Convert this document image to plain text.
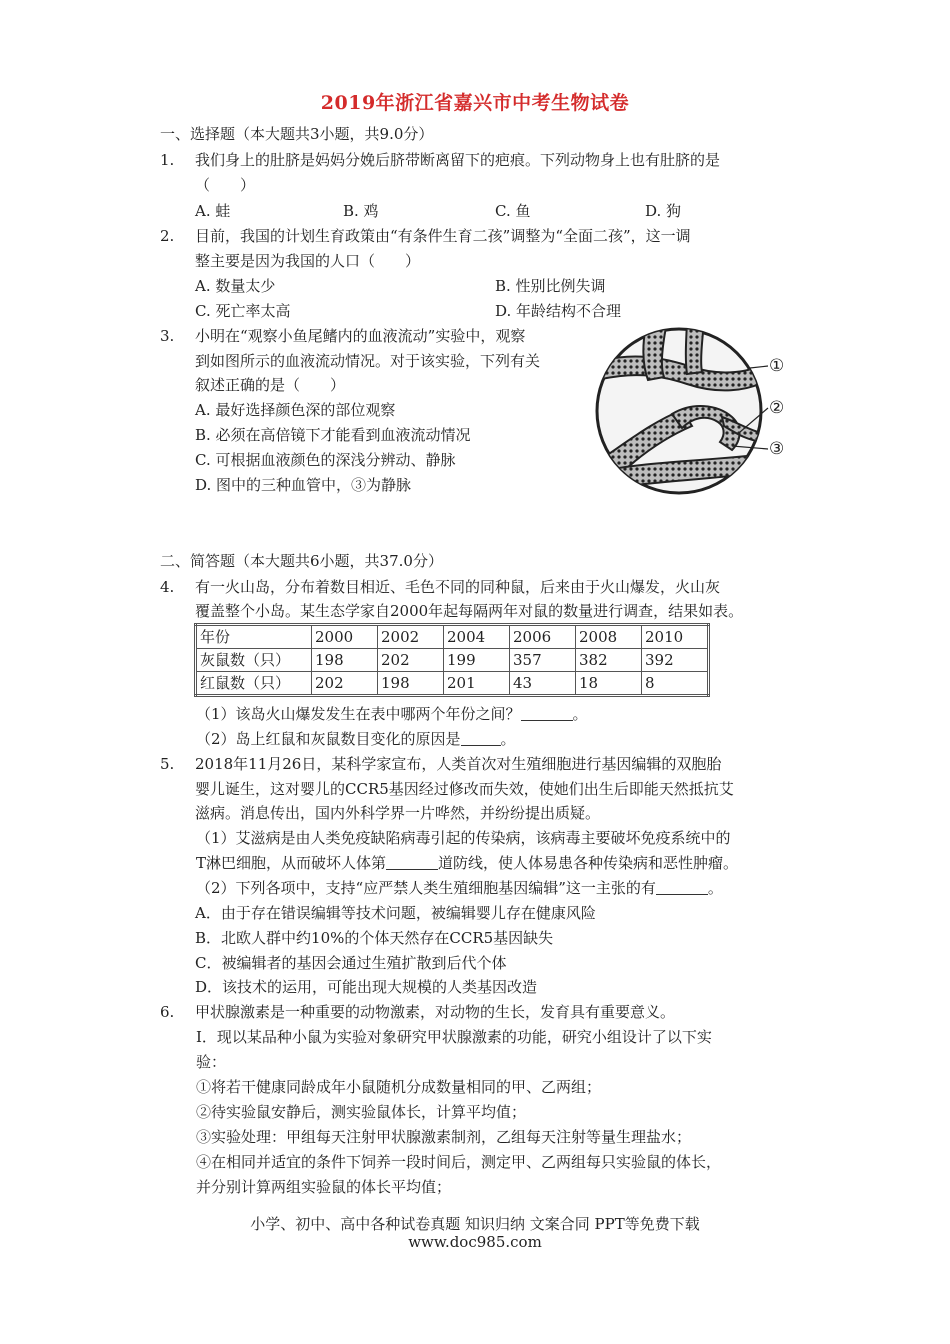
2019年浙江省嘉兴市中考生物试卷
一、选择题（本大题共3小题，共9.0分）
1. 我们身上的肚脐是妈妈分娩后脐带断离留下的疤痕。下列动物身上也有肚脐的是
（　　）
A. 蛙	B. 鸡	C. 鱼	D. 狗
2. 目前，我国的计划生育政策由“有条件生育二孩”调整为“全面二孩”，这一调
整主要是因为我国的人口（　　）
A. 数量太少	B. 性别比例失调
C. 死亡率太高	D. 年龄结构不合理
3. 小明在“观察小鱼尾鳍内的血液流动”实验中，观察
到如图所示的血液流动情况。对于该实验，下列有关
叙述正确的是（　　）
A. 最好选择颜色深的部位观察
B. 必须在高倍镜下才能看到血液流动情况
C. 可根据血液颜色的深浅分辨动、静脉
D. 图中的三种血管中，③为静脉
①
②
③
二、简答题（本大题共6小题，共37.0分）
4. 有一火山岛，分布着数目相近、毛色不同的同种鼠，后来由于火山爆发，火山灰
覆盖整个小岛。某生态学家自2000年起每隔两年对鼠的数量进行调查，结果如表。
年份	2000	2002	2004	2006	2008	2010
灰鼠数（只）	198	202	199	357	382	392
红鼠数（只）	202	198	201	43	18	8
（1）该岛火山爆发发生在表中哪两个年份之间？	。
（2）岛上红鼠和灰鼠数目变化的原因是	。
5. 2018年11月26日，某科学家宣布，人类首次对生殖细胞进行基因编辑的双胞胎
婴儿诞生，这对婴儿的CCR5基因经过修改而失效，使她们出生后即能天然抵抗艾
滋病。消息传出，国内外科学界一片哗然，并纷纷提出质疑。
（1）艾滋病是由人类免疫缺陷病毒引起的传染病，该病毒主要破坏免疫系统中的
T淋巴细胞，从而破坏人体第	道防线，使人体易患各种传染病和恶性肿瘤。
（2）下列各项中，支持“应严禁人类生殖细胞基因编辑”这一主张的有	。
A．由于存在错误编辑等技术问题，被编辑婴儿存在健康风险
B．北欧人群中约10%的个体天然存在CCR5基因缺失
C．被编辑者的基因会通过生殖扩散到后代个体
D．该技术的运用，可能出现大规模的人类基因改造
6. 甲状腺激素是一种重要的动物激素，对动物的生长，发育具有重要意义。
Ⅰ．现以某品种小鼠为实验对象研究甲状腺激素的功能，研究小组设计了以下实
验：
①将若干健康同龄成年小鼠随机分成数量相同的甲、乙两组；
②待实验鼠安静后，测实验鼠体长，计算平均值；
③实验处理：甲组每天注射甲状腺激素制剂，乙组每天注射等量生理盐水；
④在相同并适宜的条件下饲养一段时间后，测定甲、乙两组每只实验鼠的体长，
并分别计算两组实验鼠的体长平均值；
小学、初中、高中各种试卷真题 知识归纳 文案合同 PPT等免费下载
www.doc985.com
